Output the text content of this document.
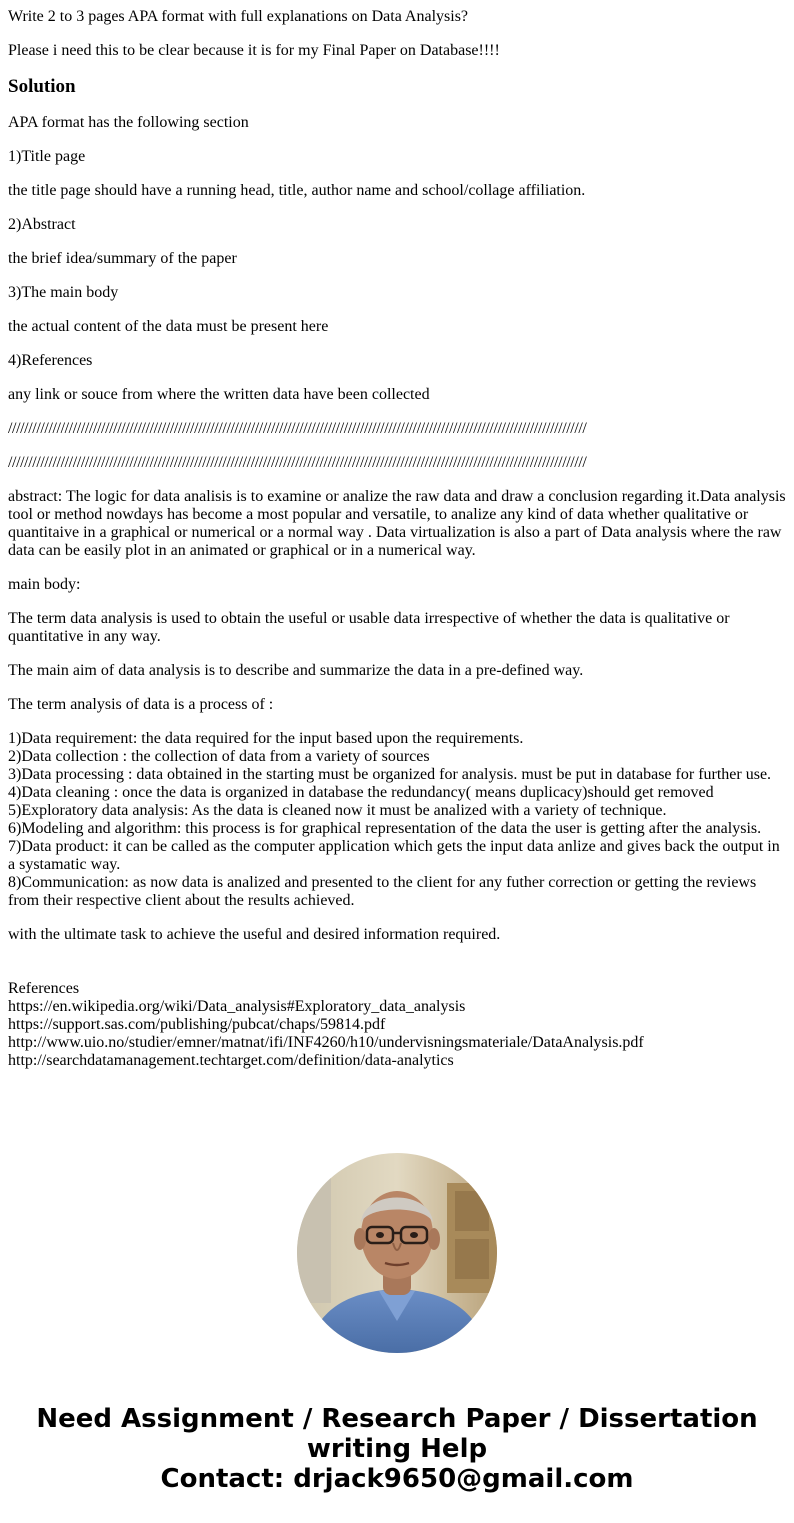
Write 2 to 3 pages APA format with full explanations on Data Analysis?

Please i need this to be clear because it is for my Final Paper on Database!!!!

Solution

APA format has the following section

1)Title page

the title page should have a running head, title, author name and school/collage affiliation.

2)Abstract

the brief idea/summary of the paper

3)The main body

the actual content of the data must be present here

4)References

any link or souce from where the written data have been collected

///////////////////////////////////////////////////////////////////////////////////////////////////////////////////////////////////////////////

///////////////////////////////////////////////////////////////////////////////////////////////////////////////////////////////////////////////

abstract: The logic for data analisis is to examine or analize the raw data and draw a conclusion regarding it.Data analysis tool or method nowdays has become a most popular and versatile, to analize any kind of data whether qualitative or quantitaive in a graphical or numerical or a normal way . Data virtualization is also a part of Data analysis where the raw data can be easily plot in an animated or graphical or in a numerical way.

main body:

The term data analysis is used to obtain the useful or usable data irrespective of whether the data is qualitative or quantitative in any way.

The main aim of data analysis is to describe and summarize the data in a pre-defined way.

The term analysis of data is a process of :

1)Data requirement: the data required for the input based upon the requirements.
2)Data collection : the collection of data from a variety of sources
3)Data processing : data obtained in the starting must be organized for analysis. must be put in database for further use.
4)Data cleaning : once the data is organized in database the redundancy( means duplicacy)should get removed
5)Exploratory data analysis: As the data is cleaned now it must be analized with a variety of technique.
6)Modeling and algorithm: this process is for graphical representation of the data the user is getting after the analysis.
7)Data product: it can be called as the computer application which gets the input data anlize and gives back the output in a systamatic way.
8)Communication: as now data is analized and presented to the client for any futher correction or getting the reviews from their respective client about the results achieved.

with the ultimate task to achieve the useful and desired information required.

References
https://en.wikipedia.org/wiki/Data_analysis#Exploratory_data_analysis
https://support.sas.com/publishing/pubcat/chaps/59814.pdf
http://www.uio.no/studier/emner/matnat/ifi/INF4260/h10/undervisningsmateriale/DataAnalysis.pdf
http://searchdatamanagement.techtarget.com/definition/data-analytics
Need Assignment / Research Paper / Dissertation
writing Help
Contact: drjack9650@gmail.com
